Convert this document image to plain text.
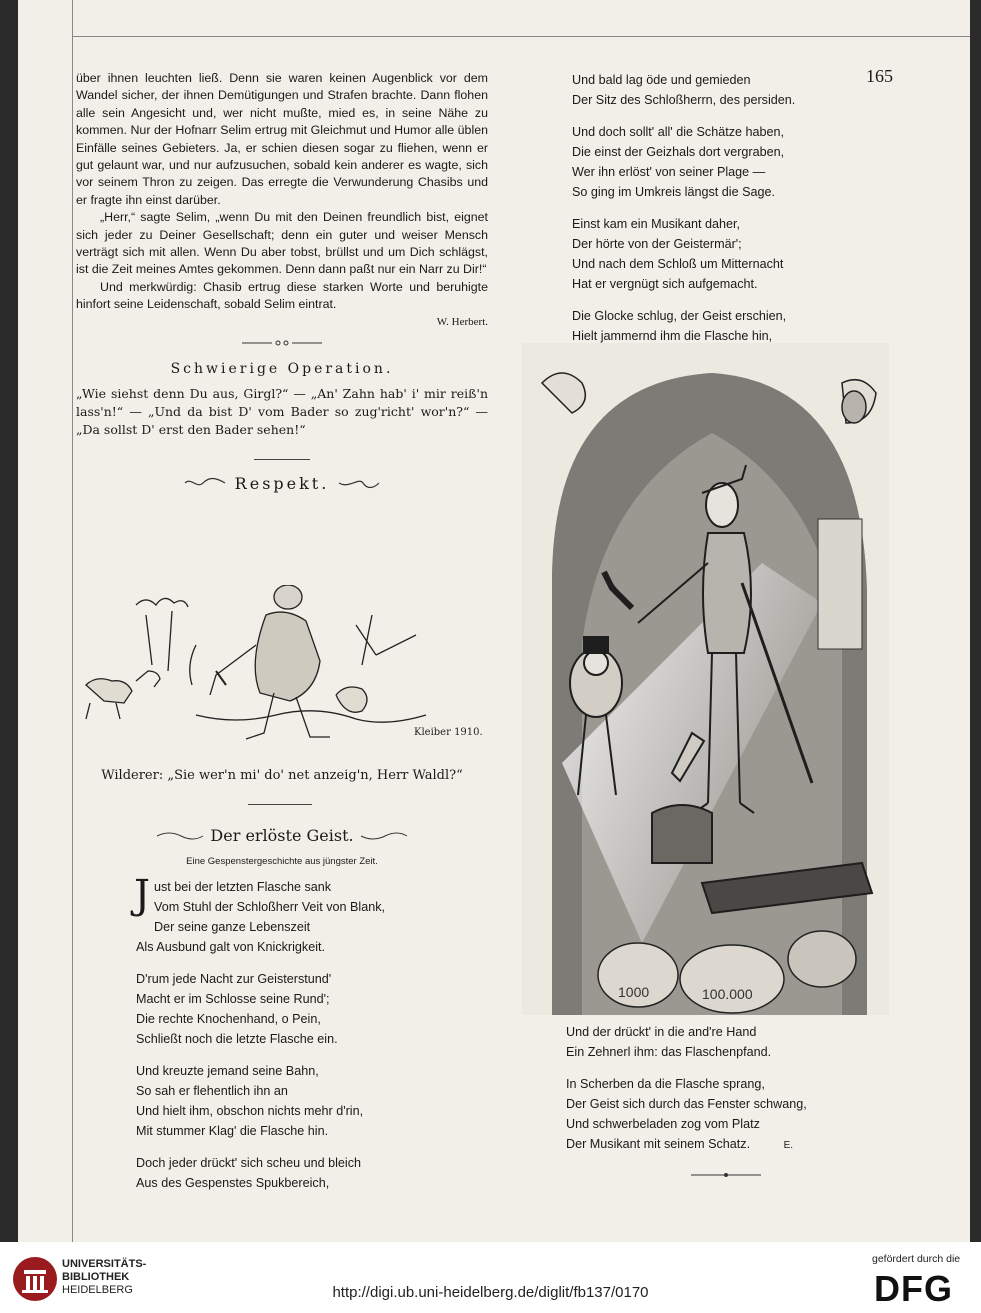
165

über ihnen leuchten ließ. Denn sie waren keinen Augenblick vor dem Wandel sicher, der ihnen Demütigungen und Strafen brachte. Dann flohen alle sein Angesicht und, wer nicht mußte, mied es, in seine Nähe zu kommen. Nur der Hofnarr Selim ertrug mit Gleichmut und Humor alle üblen Einfälle seines Gebieters. Ja, er schien diesen sogar zu fliehen, wenn er gut gelaunt war, und nur aufzusuchen, sobald kein anderer es wagte, sich vor seinem Thron zu zeigen. Das erregte die Verwunderung Chasibs und er fragte ihn einst darüber.

„Herr,“ sagte Selim, „wenn Du mit den Deinen freundlich bist, eignet sich jeder zu Deiner Gesellschaft; denn ein guter und weiser Mensch verträgt sich mit allen. Wenn Du aber tobst, brüllst und um Dich schlägst, ist die Zeit meines Amtes gekommen. Denn dann paßt nur ein Narr zu Dir!“

Und merkwürdig: Chasib ertrug diese starken Worte und beruhigte hinfort seine Leidenschaft, sobald Selim eintrat.

W. Herbert.
Schwierige Operation.

„Wie siehst denn Du aus, Girgl?“ — „An' Zahn hab' i' mir reiß'n lass'n!“ — „Und da bist D' vom Bader so zug'richt' wor'n?“ — „Da sollst D' erst den Bader sehen!“

Respekt.
Kleiber 1910.
Wilderer: „Sie wer'n mi' do' net anzeig'n, Herr Waldl?“
Der erlöste Geist.
Eine Gespenstergeschichte aus jüngster Zeit.
J ust bei der letzten Flasche sank
Vom Stuhl der Schloßherr Veit von Blank,
Der seine ganze Lebenszeit
Als Ausbund galt von Knickrigkeit.
D'rum jede Nacht zur Geisterstund'
Macht er im Schlosse seine Rund';
Die rechte Knochenhand, o Pein,
Schließt noch die letzte Flasche ein.
Und kreuzte jemand seine Bahn,
So sah er flehentlich ihn an
Und hielt ihm, obschon nichts mehr d'rin,
Mit stummer Klag' die Flasche hin.
Doch jeder drückt' sich scheu und bleich
Aus des Gespenstes Spukbereich,
Und bald lag öde und gemieden
Der Sitz des Schloßherrn, des persiden.
Und doch sollt' all' die Schätze haben,
Die einst der Geizhals dort vergraben,
Wer ihn erlöst' von seiner Plage —
So ging im Umkreis längst die Sage.
Einst kam ein Musikant daher,
Der hörte von der Geistermär';
Und nach dem Schloß um Mitternacht
Hat er vergnügt sich aufgemacht.
Die Glocke schlug, der Geist erschien,
Hielt jammernd ihm die Flasche hin,
1000	100.000
Und der drückt' in die and're Hand
Ein Zehnerl ihm: das Flaschenpfand.
In Scherben da die Flasche sprang,
Der Geist sich durch das Fenster schwang,
Und schwerbeladen zog vom Platz
Der Musikant mit seinem Schatz.	E.
UNIVERSITÄTS-
BIBLIOTHEK
HEIDELBERG	http://digi.ub.uni-heidelberg.de/diglit/fb137/0170
gefördert durch die
DFG
